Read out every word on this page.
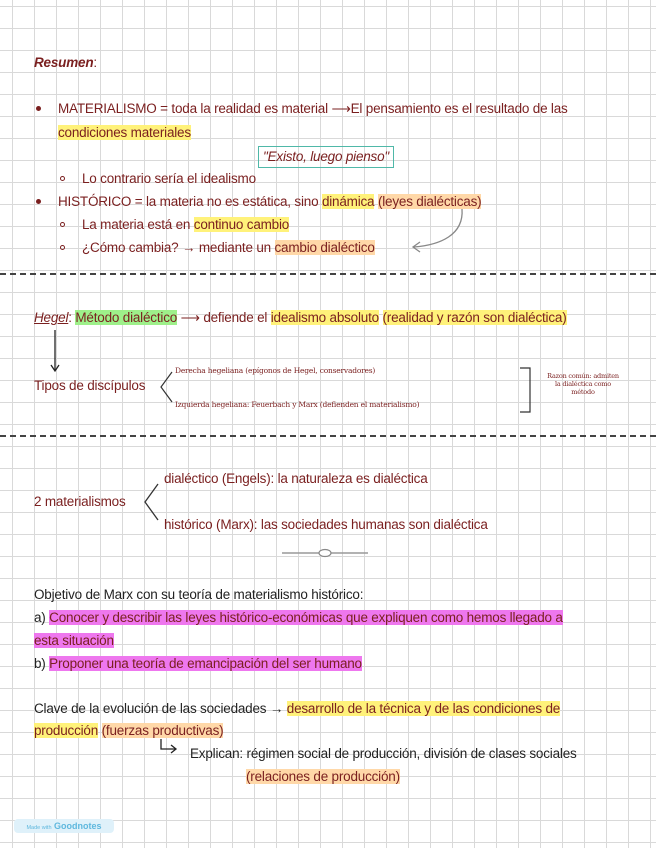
Resumen:
MATERIALISMO = toda la realidad es material ⟶El pensamiento es el resultado de las
condiciones materiales
"Existo, luego pienso"
Lo contrario sería el idealismo
HISTÓRICO = la materia no es estática, sino dinámica (leyes dialécticas)
La materia está en continuo cambio
¿Cómo cambia? → mediante un cambio dialéctico
Hegel: Método dialéctico ⟶ defiende el idealismo absoluto (realidad y razón son dialéctica)
Tipos de discípulos
Derecha hegeliana (epígonos de Hegel, conservadores)
Izquierda hegeliana: Feuerbach y Marx (defienden el materialismo)
Razon común: admiten la dialéctica como método
2 materialismos
dialéctico (Engels): la naturaleza es dialéctica
histórico (Marx): las sociedades humanas son dialéctica
Objetivo de Marx con su teoría de materialismo histórico:
a) Conocer y describir las leyes histórico-económicas que expliquen como hemos llegado a
esta situación
b) Proponer una teoría de emancipación del ser humano
Clave de la evolución de las sociedades → desarrollo de la técnica y de las condiciones de
producción (fuerzas productivas)
Explican: régimen social de producción, división de clases sociales
(relaciones de producción)
Made with Goodnotes
